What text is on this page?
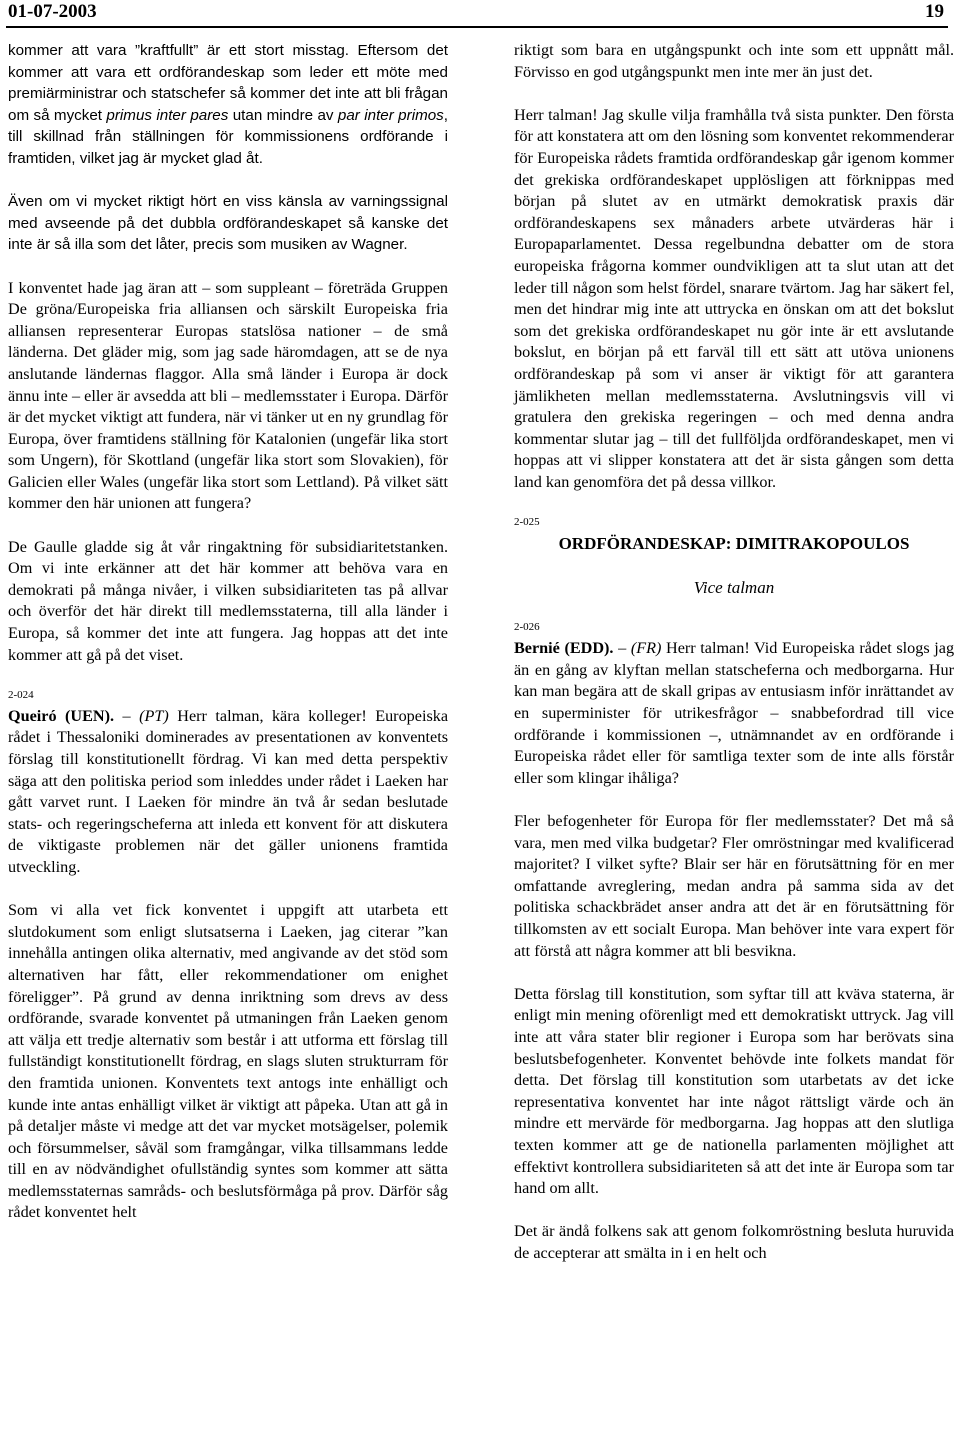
01-07-2003	19

kommer att vara ”kraftfullt” är ett stort misstag. Eftersom det kommer att vara ett ordförandeskap som leder ett möte med premiärministrar och statschefer så kommer det inte att bli frågan om så mycket primus inter pares utan mindre av par inter primos, till skillnad från ställningen för kommissionens ordförande i framtiden, vilket jag är mycket glad åt.

Även om vi mycket riktigt hört en viss känsla av varningssignal med avseende på det dubbla ordförandeskapet så kanske det inte är så illa som det låter, precis som musiken av Wagner.

I konventet hade jag äran att – som suppleant – företräda Gruppen De gröna/Europeiska fria alliansen och särskilt Europeiska fria alliansen representerar Europas statslösa nationer – de små länderna. Det gläder mig, som jag sade häromdagen, att se de nya anslutande ländernas flaggor. Alla små länder i Europa är dock ännu inte – eller är avsedda att bli – medlemsstater i Europa. Därför är det mycket viktigt att fundera, när vi tänker ut en ny grundlag för Europa, över framtidens ställning för Katalonien (ungefär lika stort som Ungern), för Skottland (ungefär lika stort som Slovakien), för Galicien eller Wales (ungefär lika stort som Lettland). På vilket sätt kommer den här unionen att fungera?

De Gaulle gladde sig åt vår ringaktning för subsidiaritetstanken. Om vi inte erkänner att det här kommer att behöva vara en demokrati på många nivåer, i vilken subsidiariteten tas på allvar och överför det här direkt till medlemsstaterna, till alla länder i Europa, så kommer det inte att fungera. Jag hoppas att det inte kommer att gå på det viset.

2-024

Queiró (UEN). – (PT) Herr talman, kära kolleger! Europeiska rådet i Thessaloniki dominerades av presentationen av konventets förslag till konstitutionellt fördrag. Vi kan med detta perspektiv säga att den politiska period som inleddes under rådet i Laeken har gått varvet runt. I Laeken för mindre än två år sedan beslutade stats- och regeringscheferna att inleda ett konvent för att diskutera de viktigaste problemen när det gäller unionens framtida utveckling.

Som vi alla vet fick konventet i uppgift att utarbeta ett slutdokument som enligt slutsatserna i Laeken, jag citerar ”kan innehålla antingen olika alternativ, med angivande av det stöd som alternativen har fått, eller rekommendationer om enighet föreligger”. På grund av denna inriktning som drevs av dess ordförande, svarade konventet på utmaningen från Laeken genom att välja ett tredje alternativ som består i att utforma ett förslag till fullständigt konstitutionellt fördrag, en slags sluten strukturram för den framtida unionen. Konventets text antogs inte enhälligt och kunde inte antas enhälligt vilket är viktigt att påpeka. Utan att gå in på detaljer måste vi medge att det var mycket motsägelser, polemik och försummelser, såväl som framgångar, vilka tillsammans ledde till en av nödvändighet ofullständig syntes som kommer att sätta medlemsstaternas samråds- och beslutsförmåga på prov. Därför såg rådet konventet helt

riktigt som bara en utgångspunkt och inte som ett uppnått mål. Förvisso en god utgångspunkt men inte mer än just det.

Herr talman! Jag skulle vilja framhålla två sista punkter. Den första för att konstatera att om den lösning som konventet rekommenderar för Europeiska rådets framtida ordförandeskap går igenom kommer det grekiska ordförandeskapet upplösligen att förknippas med början på slutet av en utmärkt demokratisk praxis där ordförandeskapens sex månaders arbete utvärderas här i Europaparlamentet. Dessa regelbundna debatter om de stora europeiska frågorna kommer oundvikligen att ta slut utan att det leder till någon som helst fördel, snarare tvärtom. Jag har säkert fel, men det hindrar mig inte att uttrycka en önskan om att det bokslut som det grekiska ordförandeskapet nu gör inte är ett avslutande bokslut, en början på ett farväl till ett sätt att utöva unionens ordförandeskap på som vi anser är viktigt för att garantera jämlikheten mellan medlemsstaterna. Avslutningsvis vill vi gratulera den grekiska regeringen – och med denna andra kommentar slutar jag – till det fullföljda ordförandeskapet, men vi hoppas att vi slipper konstatera att det är sista gången som detta land kan genomföra det på dessa villkor.

2-025

ORDFÖRANDESKAP: DIMITRAKOPOULOS

Vice talman

2-026

Bernié (EDD). – (FR) Herr talman! Vid Europeiska rådet slogs jag än en gång av klyftan mellan statscheferna och medborgarna. Hur kan man begära att de skall gripas av entusiasm inför inrättandet av en superminister för utrikesfrågor – snabbefordrad till vice ordförande i kommissionen –, utnämnandet av en ordförande i Europeiska rådet eller för samtliga texter som de inte alls förstår eller som klingar ihåliga?

Fler befogenheter för Europa för fler medlemsstater? Det må så vara, men med vilka budgetar? Fler omröstningar med kvalificerad majoritet? I vilket syfte? Blair ser här en förutsättning för en mer omfattande avreglering, medan andra på samma sida av det politiska schackbrädet anser andra att det är en förutsättning för tillkomsten av ett socialt Europa. Man behöver inte vara expert för att förstå att några kommer att bli besvikna.

Detta förslag till konstitution, som syftar till att kväva staterna, är enligt min mening oförenligt med ett demokratiskt uttryck. Jag vill inte att våra stater blir regioner i Europa som har berövats sina beslutsbefogenheter. Konventet behövde inte folkets mandat för detta. Det förslag till konstitution som utarbetats av det icke representativa konventet har inte något rättsligt värde och än mindre ett mervärde för medborgarna. Jag hoppas att den slutliga texten kommer att ge de nationella parlamenten möjlighet att effektivt kontrollera subsidiariteten så att det inte är Europa som tar hand om allt.

Det är ändå folkens sak att genom folkomröstning besluta huruvida de accepterar att smälta in i en helt och
